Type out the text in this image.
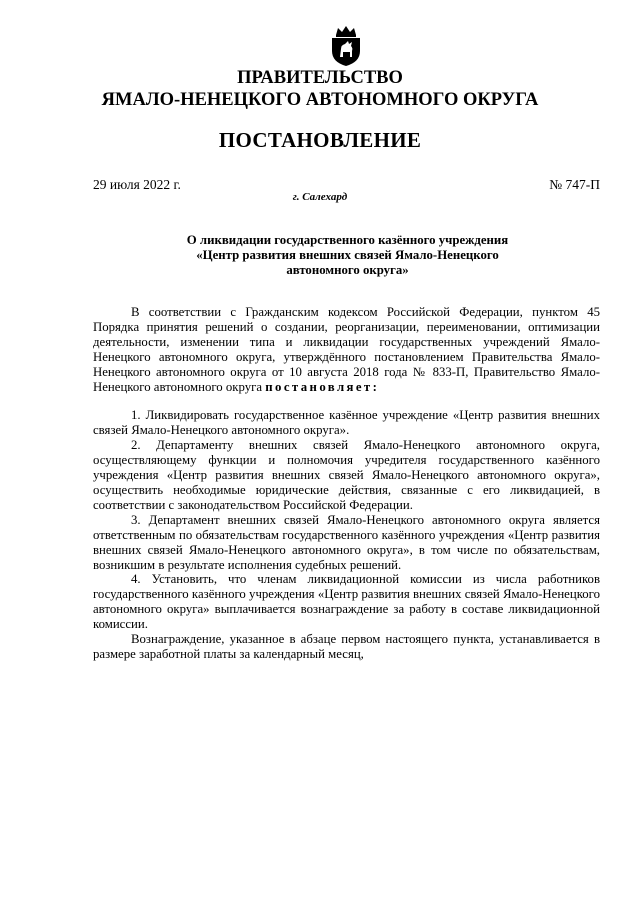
ПРАВИТЕЛЬСТВО
ЯМАЛО-НЕНЕЦКОГО АВТОНОМНОГО ОКРУГА
ПОСТАНОВЛЕНИЕ
29 июля 2022 г.	№ 747-П
г. Салехард
О ликвидации государственного казённого учреждения
«Центр развития внешних связей Ямало-Ненецкого
автономного округа»

В соответствии с Гражданским кодексом Российской Федерации, пунктом 45 Порядка принятия решений о создании, реорганизации, переименовании, оптимизации деятельности, изменении типа и ликвидации государственных учреждений Ямало-Ненецкого автономного округа, утверждённого постановлением Правительства Ямало-Ненецкого автономного округа от 10 августа 2018 года № 833-П, Правительство Ямало-Ненецкого автономного округа постановляет:

1. Ликвидировать государственное казённое учреждение «Центр развития внешних связей Ямало-Ненецкого автономного округа».

2. Департаменту внешних связей Ямало-Ненецкого автономного округа, осуществляющему функции и полномочия учредителя государственного казённого учреждения «Центр развития внешних связей Ямало-Ненецкого автономного округа», осуществить необходимые юридические действия, связанные с его ликвидацией, в соответствии с законодательством Российской Федерации.

3. Департамент внешних связей Ямало-Ненецкого автономного округа является ответственным по обязательствам государственного казённого учреждения «Центр развития внешних связей Ямало-Ненецкого автономного округа», в том числе по обязательствам, возникшим в результате исполнения судебных решений.

4. Установить, что членам ликвидационной комиссии из числа работников государственного казённого учреждения «Центр развития внешних связей Ямало-Ненецкого автономного округа» выплачивается вознаграждение за работу в составе ликвидационной комиссии.

Вознаграждение, указанное в абзаце первом настоящего пункта, устанавливается в размере заработной платы за календарный месяц,
